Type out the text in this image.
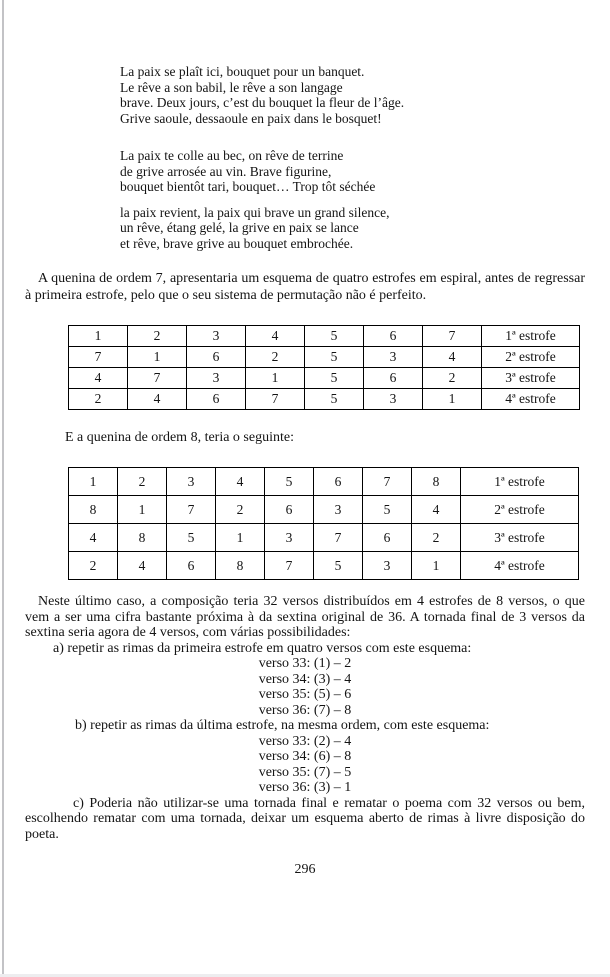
La paix se plaît ici, bouquet pour un banquet.
Le rêve a son babil, le rêve a son langage
brave. Deux jours, c’est du bouquet la fleur de l’âge.
Grive saoule, dessaoule en paix dans le bosquet!
La paix te colle au bec, on rêve de terrine
de grive arrosée au vin. Brave figurine,
bouquet bientôt tari, bouquet… Trop tôt séchée
la paix revient, la paix qui brave un grand silence,
un rêve, étang gelé, la grive en paix se lance
et rêve, brave grive au bouquet embrochée.

A quenina de ordem 7, apresentaria um esquema de quatro estrofes em espiral, antes de regressar à primeira estrofe, pelo que o seu sistema de permutação não é perfeito.

1	2	3	4	5	6	7	1ª estrofe
7	1	6	2	5	3	4	2ª estrofe
4	7	3	1	5	6	2	3ª estrofe
2	4	6	7	5	3	1	4ª estrofe

E a quenina de ordem 8, teria o seguinte:

1	2	3	4	5	6	7	8	1ª estrofe
8	1	7	2	6	3	5	4	2ª estrofe
4	8	5	1	3	7	6	2	3ª estrofe
2	4	6	8	7	5	3	1	4ª estrofe

Neste último caso, a composição teria 32 versos distribuídos em 4 estrofes de 8 versos, o que vem a ser uma cifra bastante próxima à da sextina original de 36. A tornada final de 3 versos da sextina seria agora de 4 versos, com várias possibilidades:

a) repetir as rimas da primeira estrofe em quatro versos com este esquema:
verso 33: (1) – 2
verso 34: (3) – 4
verso 35: (5) – 6
verso 36: (7) – 8
b) repetir as rimas da última estrofe, na mesma ordem, com este esquema:
verso 33: (2) – 4
verso 34: (6) – 8
verso 35: (7) – 5
verso 36: (3) – 1

c) Poderia não utilizar-se uma tornada final e rematar o poema com 32 versos ou bem, escolhendo rematar com uma tornada, deixar um esquema aberto de rimas à livre disposição do poeta.

296
